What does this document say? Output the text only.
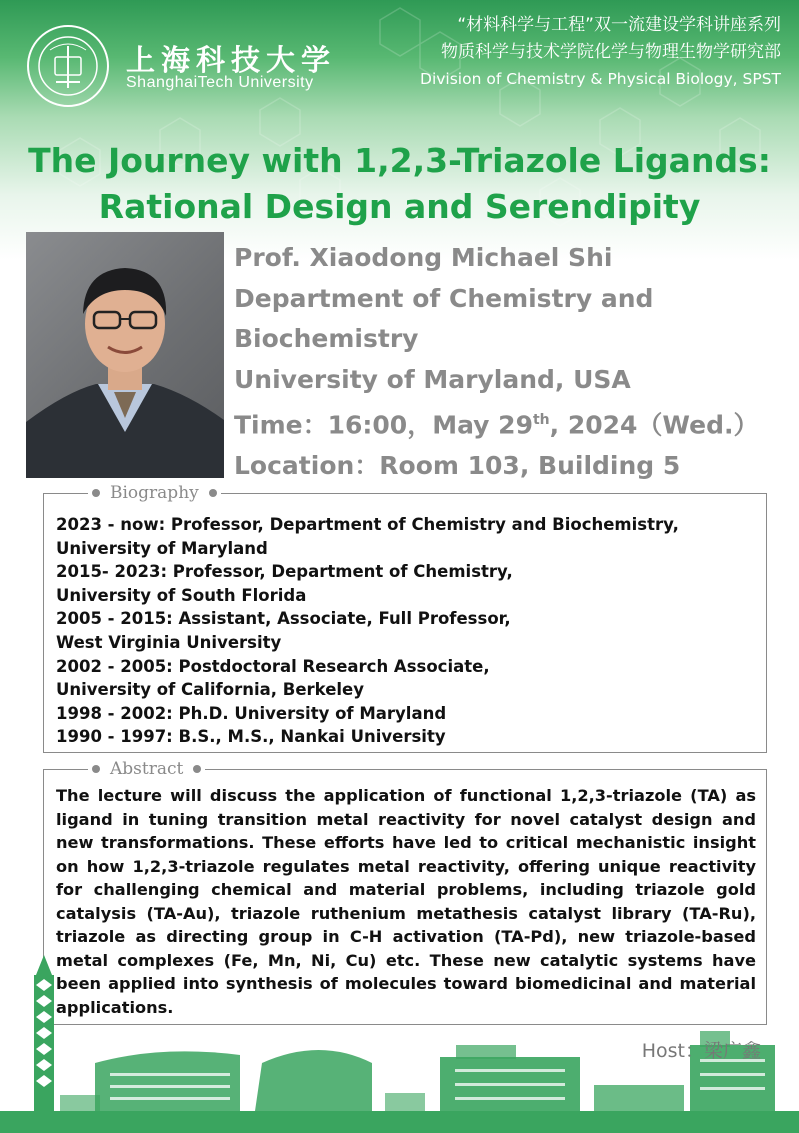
上海科技大学
ShanghaiTech University
“材料科学与工程”双一流建设学科讲座系列
物质科学与技术学院化学与物理生物学研究部
Division of Chemistry & Physical Biology, SPST
The Journey with 1,2,3-Triazole Ligands:
Rational Design and Serendipity
Prof. Xiaodong Michael Shi
Department of Chemistry and
Biochemistry
University of Maryland, USA
Time：16:00，May 29th, 2024（Wed.）
Location：Room 103, Building 5
Biography
2023 - now: Professor, Department of Chemistry and Biochemistry,
University of Maryland
2015- 2023: Professor, Department of Chemistry,
University of South Florida
2005 - 2015: Assistant, Associate, Full Professor,
West Virginia University
2002 - 2005: Postdoctoral Research Associate,
University of California, Berkeley
1998 - 2002: Ph.D. University of Maryland
1990 - 1997: B.S., M.S., Nankai University
Abstract
The lecture will discuss the application of functional 1,2,3-triazole (TA) as ligand in tuning transition metal reactivity for novel catalyst design and new transformations. These efforts have led to critical mechanistic insight on how 1,2,3-triazole regulates metal reactivity, offering unique reactivity for challenging chemical and material problems, including triazole gold catalysis (TA-Au), triazole ruthenium metathesis catalyst library (TA-Ru), triazole as directing group in C-H activation (TA-Pd), new triazole-based metal complexes (Fe, Mn, Ni, Cu) etc. These new catalytic systems have been applied into synthesis of molecules toward biomedicinal and material applications.
Host：梁广鑫
